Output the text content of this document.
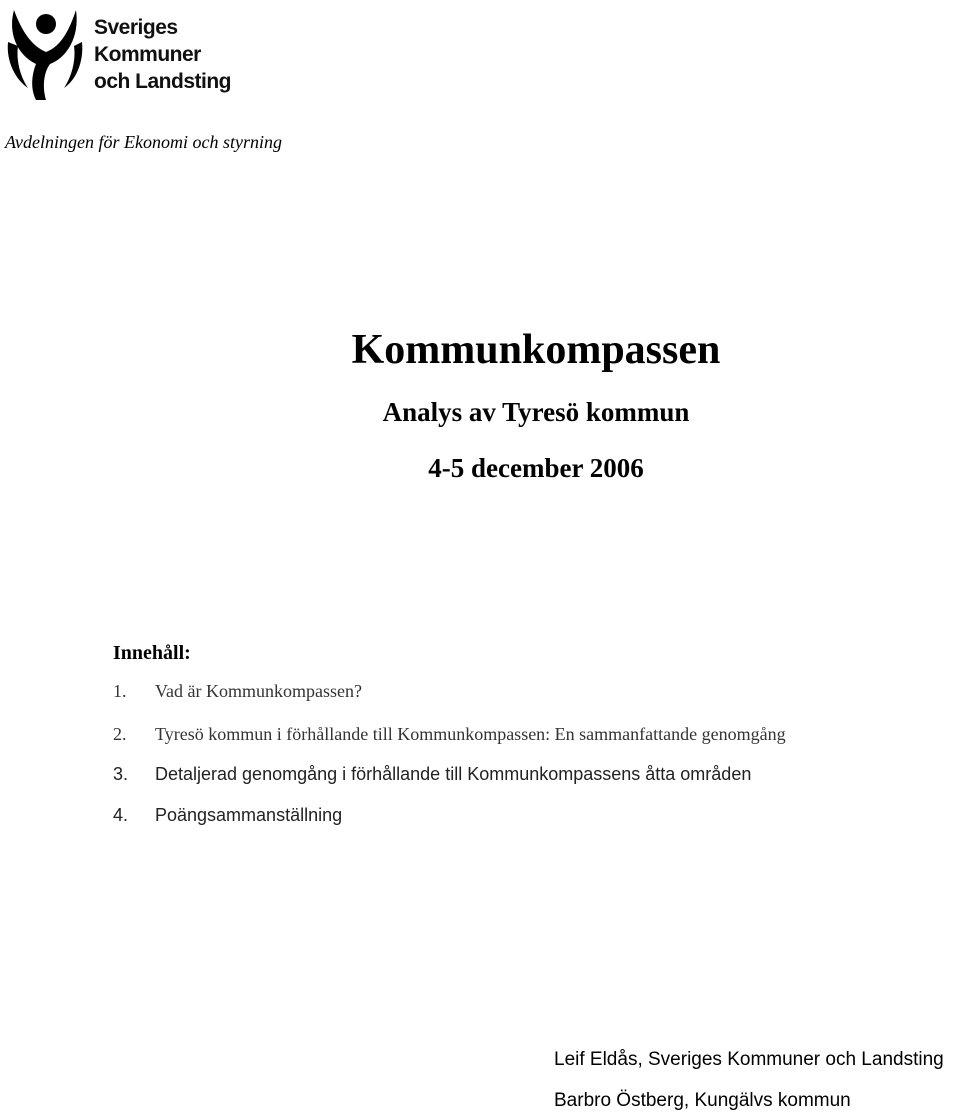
Sveriges
Kommuner
och Landsting
Avdelningen för Ekonomi och styrning
Kommunkompassen
Analys av Tyresö kommun
4-5 december 2006
Innehåll:
1. Vad är Kommunkompassen?
2. Tyresö kommun i förhållande till Kommunkompassen: En sammanfattande genomgång
3. Detaljerad genomgång i förhållande till Kommunkompassens åtta områden
4. Poängsammanställning
Leif Eldås, Sveriges Kommuner och Landsting
Barbro Östberg, Kungälvs kommun
